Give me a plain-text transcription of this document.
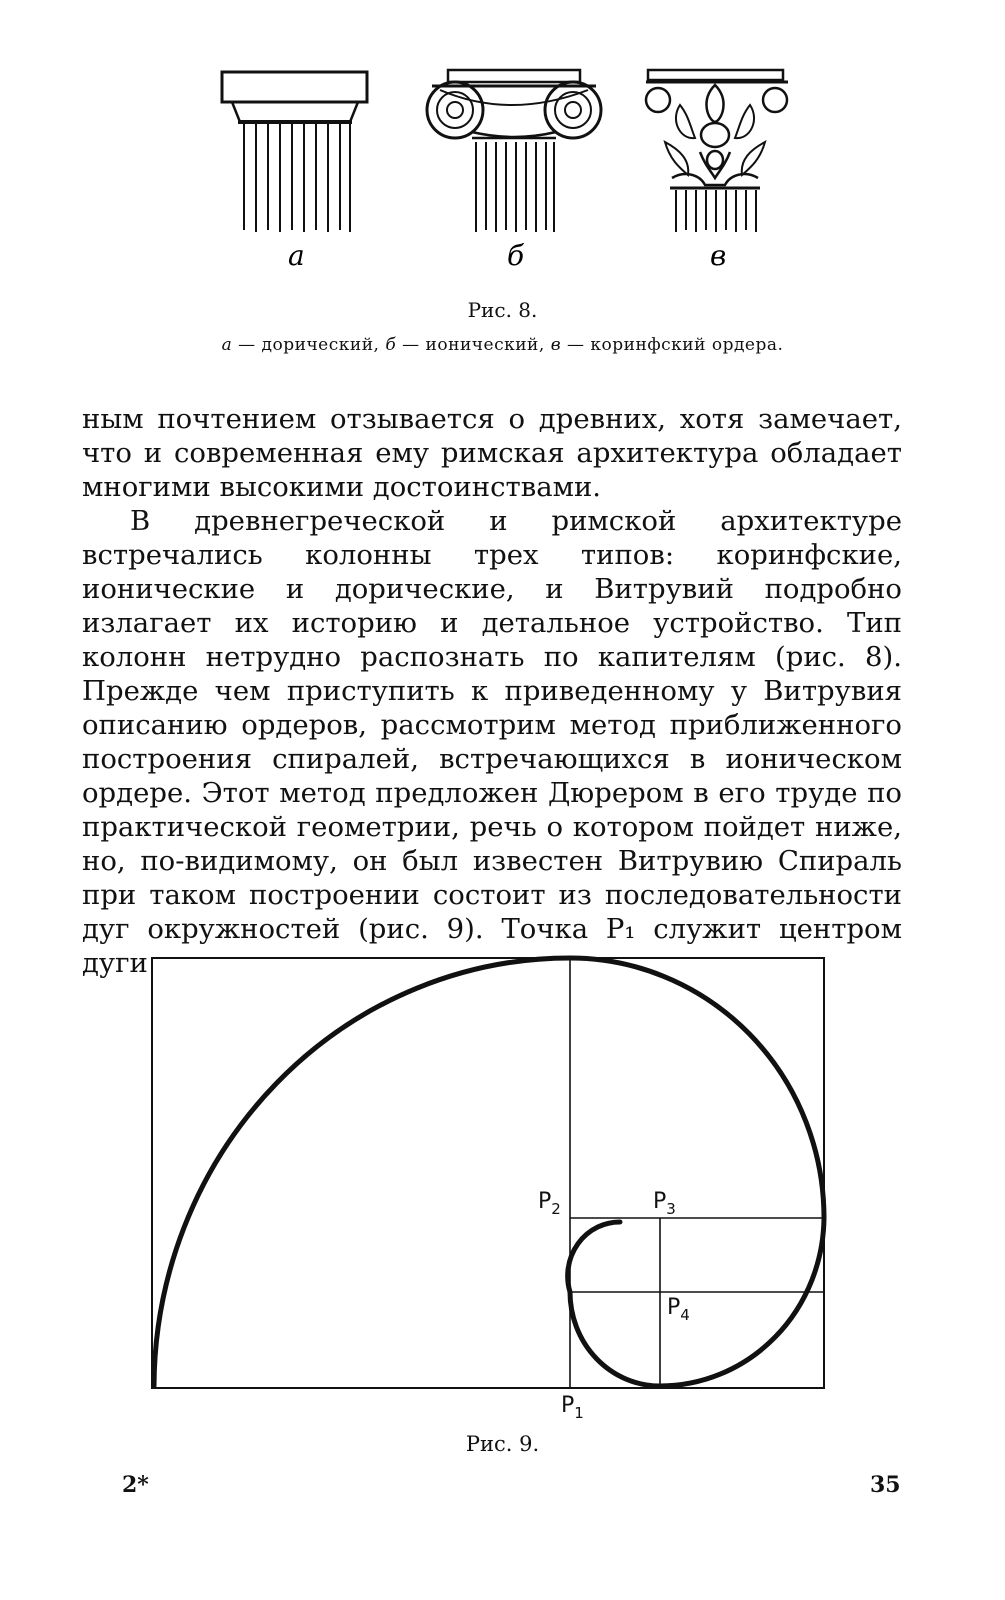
а	б	в
Рис. 8.
а — дорический, б — ионический, в — коринфский ордера.

ным почтением отзывается о древних, хотя замечает, что и современная ему римская архитектура обладает многими высокими достоинствами.

В древнегреческой и римской архитектуре встречались колонны трех типов: коринфские, ионические и дорические, и Витрувий подробно излагает их историю и детальное устройство. Тип колонн нетрудно распознать по капителям (рис. 8). Прежде чем приступить к приведенному у Витрувия описанию ордеров, рассмотрим метод приближенного построения спиралей, встречающихся в ионическом ордере. Этот метод предложен Дюрером в его труде по практической геометрии, речь о котором пойдет ниже, но, по-видимому, он был известен Витрувию Спираль при таком построении состоит из последовательности дуг окружностей (рис. 9). Точка P₁ служит центром дуги

$P_2$	$P_3$
$P_4$
$P_1$
Рис. 9.
2*	35
